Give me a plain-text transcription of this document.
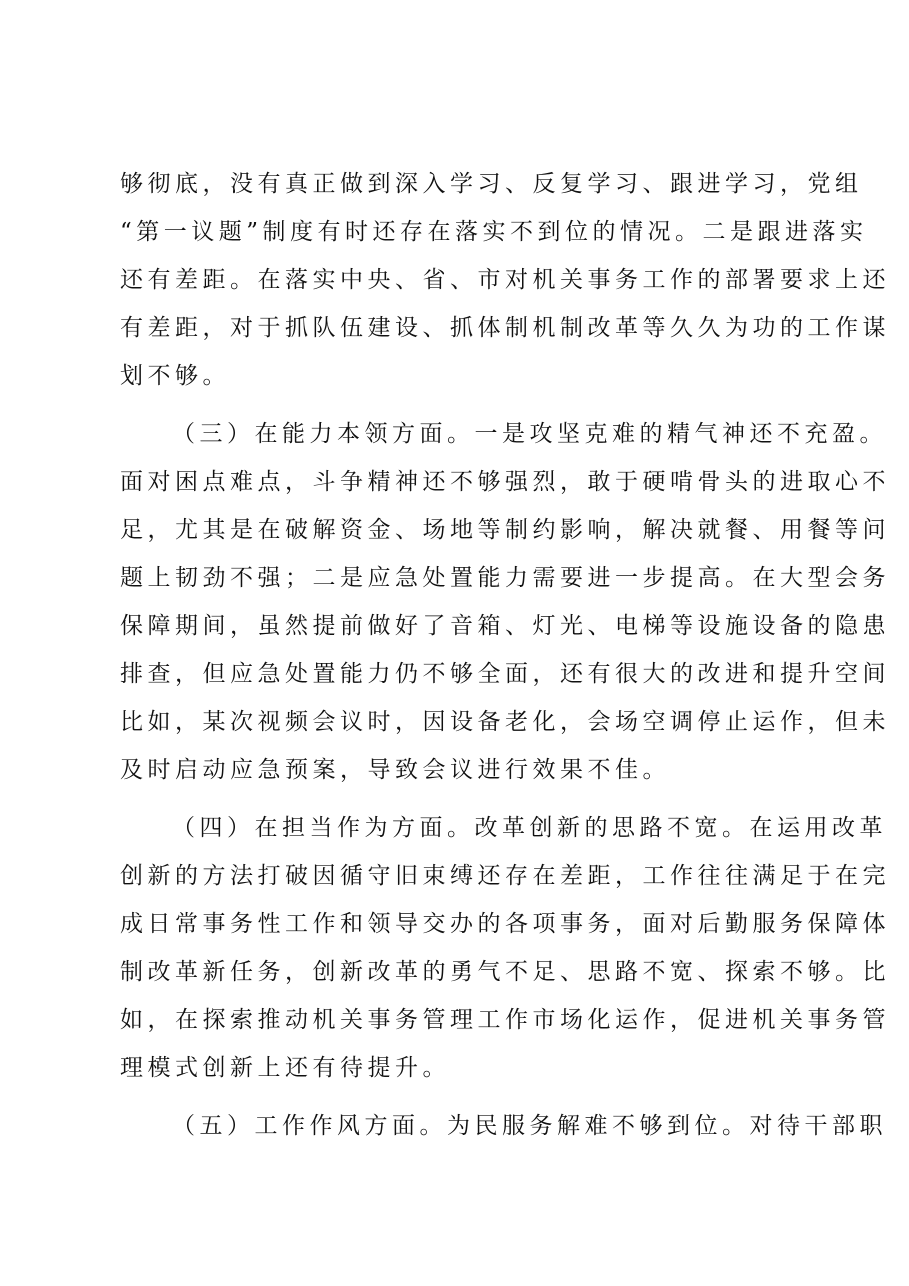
够彻底，没有真正做到深入学习、反复学习、跟进学习，党组
“第一议题”制度有时还存在落实不到位的情况。二是跟进落实
还有差距。在落实中央、省、市对机关事务工作的部署要求上还
有差距，对于抓队伍建设、抓体制机制改革等久久为功的工作谋
划不够。
（三）在能力本领方面。一是攻坚克难的精气神还不充盈。
面对困点难点，斗争精神还不够强烈，敢于硬啃骨头的进取心不
足，尤其是在破解资金、场地等制约影响，解决就餐、用餐等问
题上韧劲不强；二是应急处置能力需要进一步提高。在大型会务
保障期间，虽然提前做好了音箱、灯光、电梯等设施设备的隐患
排查，但应急处置能力仍不够全面，还有很大的改进和提升空间
比如，某次视频会议时，因设备老化，会场空调停止运作，但未
及时启动应急预案，导致会议进行效果不佳。
（四）在担当作为方面。改革创新的思路不宽。在运用改革
创新的方法打破因循守旧束缚还存在差距，工作往往满足于在完
成日常事务性工作和领导交办的各项事务，面对后勤服务保障体
制改革新任务，创新改革的勇气不足、思路不宽、探索不够。比
如，在探索推动机关事务管理工作市场化运作，促进机关事务管
理模式创新上还有待提升。
（五）工作作风方面。为民服务解难不够到位。对待干部职
